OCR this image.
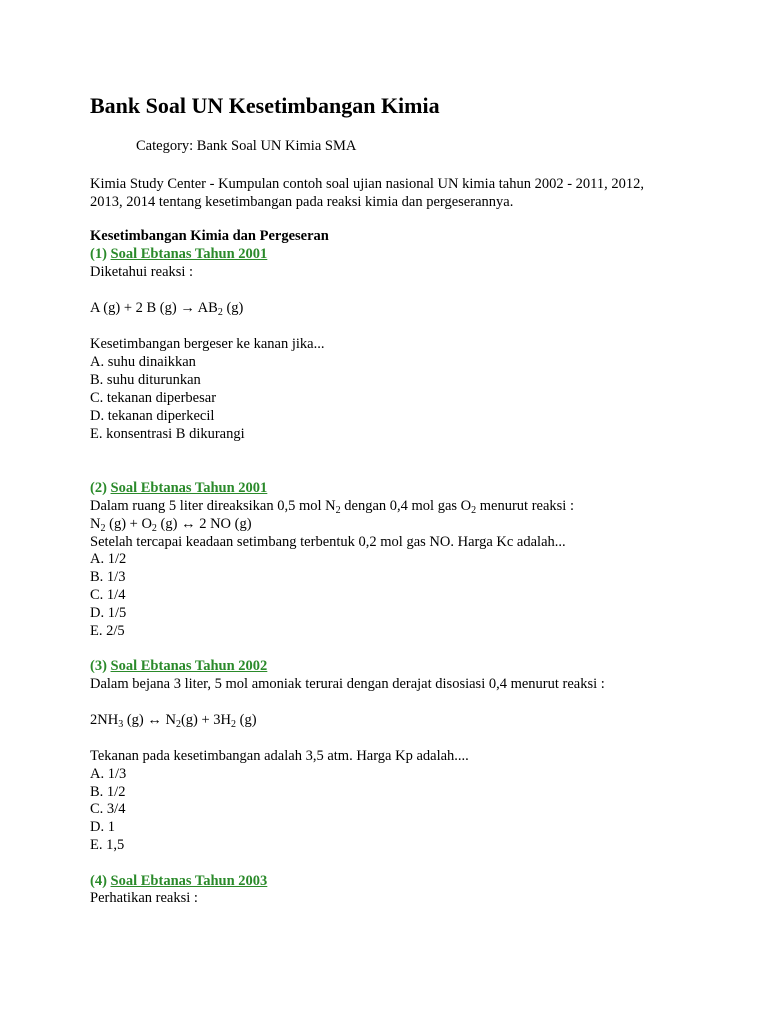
Bank Soal UN Kesetimbangan Kimia
Category: Bank Soal UN Kimia SMA
Kimia Study Center - Kumpulan contoh soal ujian nasional UN kimia tahun 2002 - 2011, 2012,
2013, 2014 tentang kesetimbangan pada reaksi kimia dan pergeserannya.
Kesetimbangan Kimia dan Pergeseran
(1) Soal Ebtanas Tahun 2001
Diketahui reaksi :
A (g) + 2 B $(g) \to AB_2$ (g)
Kesetimbangan bergeser ke kanan jika...
A. suhu dinaikkan
B. suhu diturunkan
C. tekanan diperbesar
D. tekanan diperkecil
E. konsentrasi B dikurangi
(2) Soal Ebtanas Tahun 2001
Dalam ruang 5 liter direaksikan 0,5 mol $N_2$ dengan 0,4 mol gas $O_2$ menurut reaksi :
$N_2$ $(g) + O_2$ (g) ↔ 2 NO (g)
Setelah tercapai keadaan setimbang terbentuk 0,2 mol gas NO. Harga Kc adalah...
A. 1/2
B. 1/3
C. 1/4
D. 1/5
E. 2/5
(3) Soal Ebtanas Tahun 2002
Dalam bejana 3 liter, 5 mol amoniak terurai dengan derajat disosiasi 0,4 menurut reaksi :
$2NH_3$ (g) ↔ $N_2(g) + 3H_2$ (g)
Tekanan pada kesetimbangan adalah 3,5 atm. Harga Kp adalah....
A. 1/3
B. 1/2
C. 3/4
D. 1
E. 1,5
(4) Soal Ebtanas Tahun 2003
Perhatikan reaksi :
